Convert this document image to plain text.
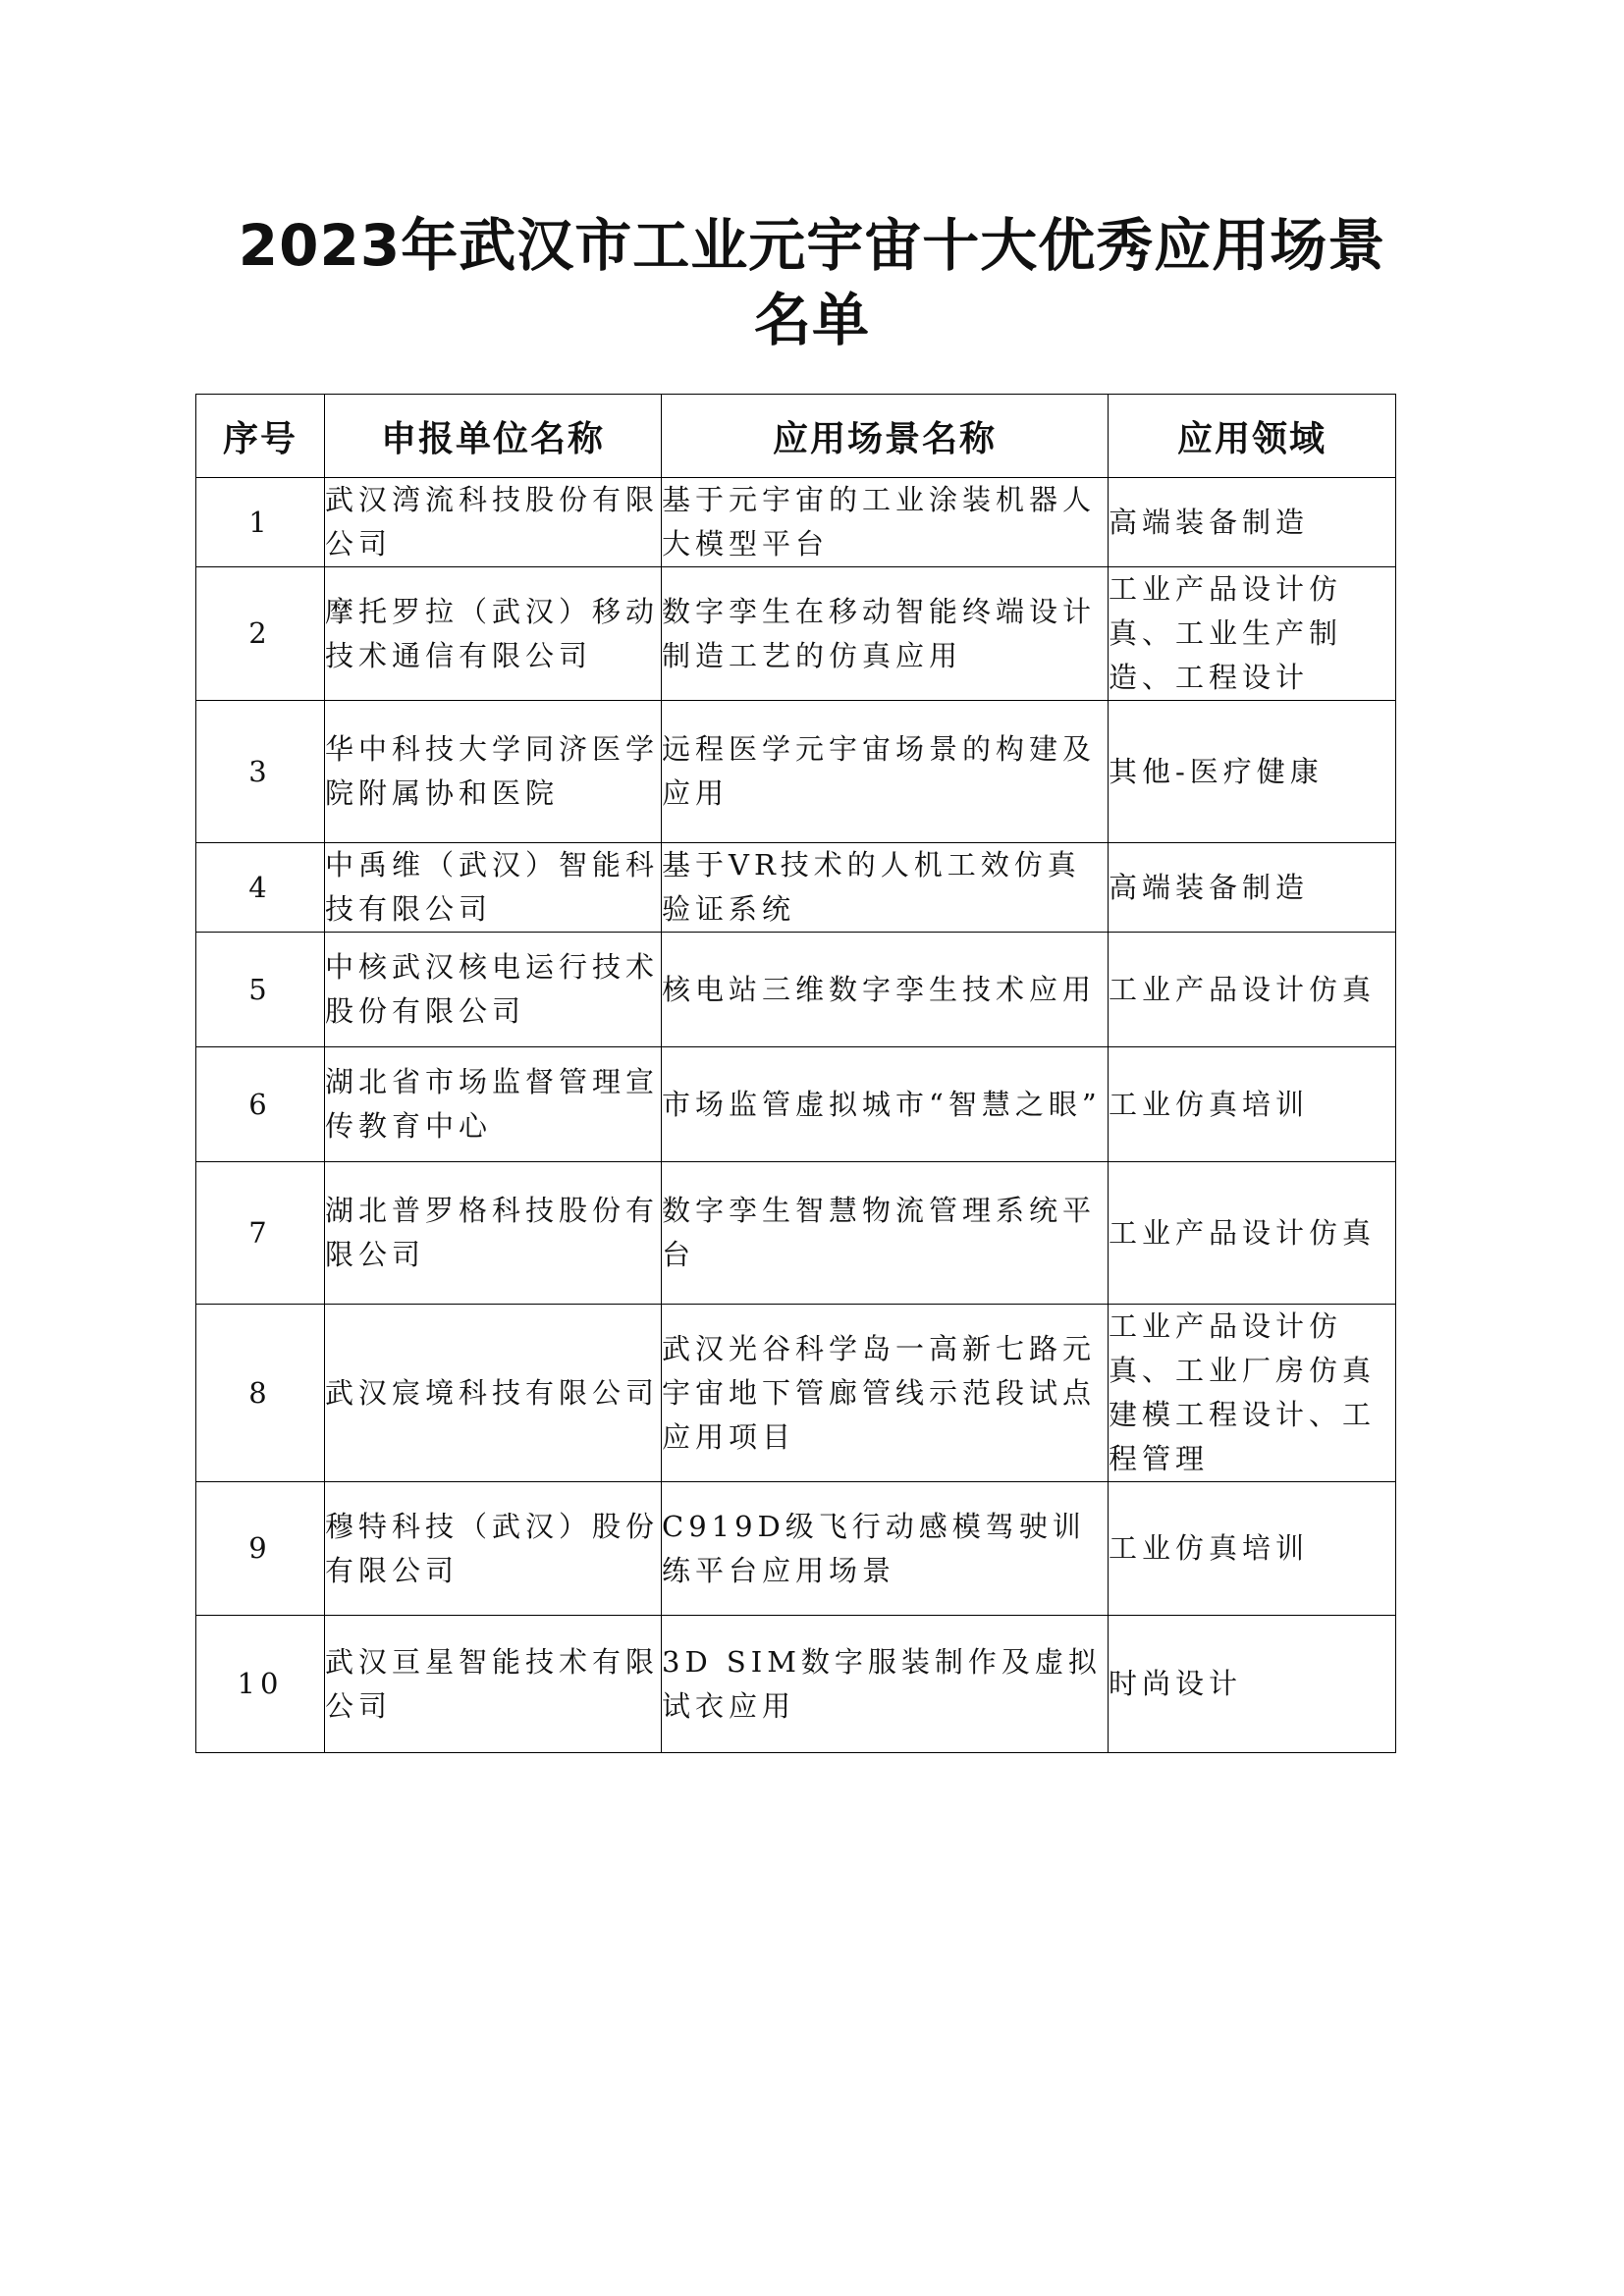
2023年武汉市工业元宇宙十大优秀应用场景
名单
序号	申报单位名称	应用场景名称	应用领域
1	武汉湾流科技股份有限公司	基于元宇宙的工业涂装机器人大模型平台	高端装备制造
2	摩托罗拉（武汉）移动技术通信有限公司	数字孪生在移动智能终端设计制造工艺的仿真应用	工业产品设计仿真、工业生产制造、工程设计
3	华中科技大学同济医学院附属协和医院	远程医学元宇宙场景的构建及应用	其他-医疗健康
4	中禹维（武汉）智能科技有限公司	基于VR技术的人机工效仿真验证系统	高端装备制造
5	中核武汉核电运行技术股份有限公司	核电站三维数字孪生技术应用	工业产品设计仿真
6	湖北省市场监督管理宣传教育中心	市场监管虚拟城市“智慧之眼”	工业仿真培训
7	湖北普罗格科技股份有限公司	数字孪生智慧物流管理系统平台	工业产品设计仿真
8	武汉宸境科技有限公司	武汉光谷科学岛一高新七路元宇宙地下管廊管线示范段试点应用项目	工业产品设计仿真、工业厂房仿真建模工程设计、工程管理
9	穆特科技（武汉）股份有限公司	C919D级飞行动感模驾驶训练平台应用场景	工业仿真培训
10	武汉亘星智能技术有限公司	3D SIM数字服装制作及虚拟试衣应用	时尚设计
